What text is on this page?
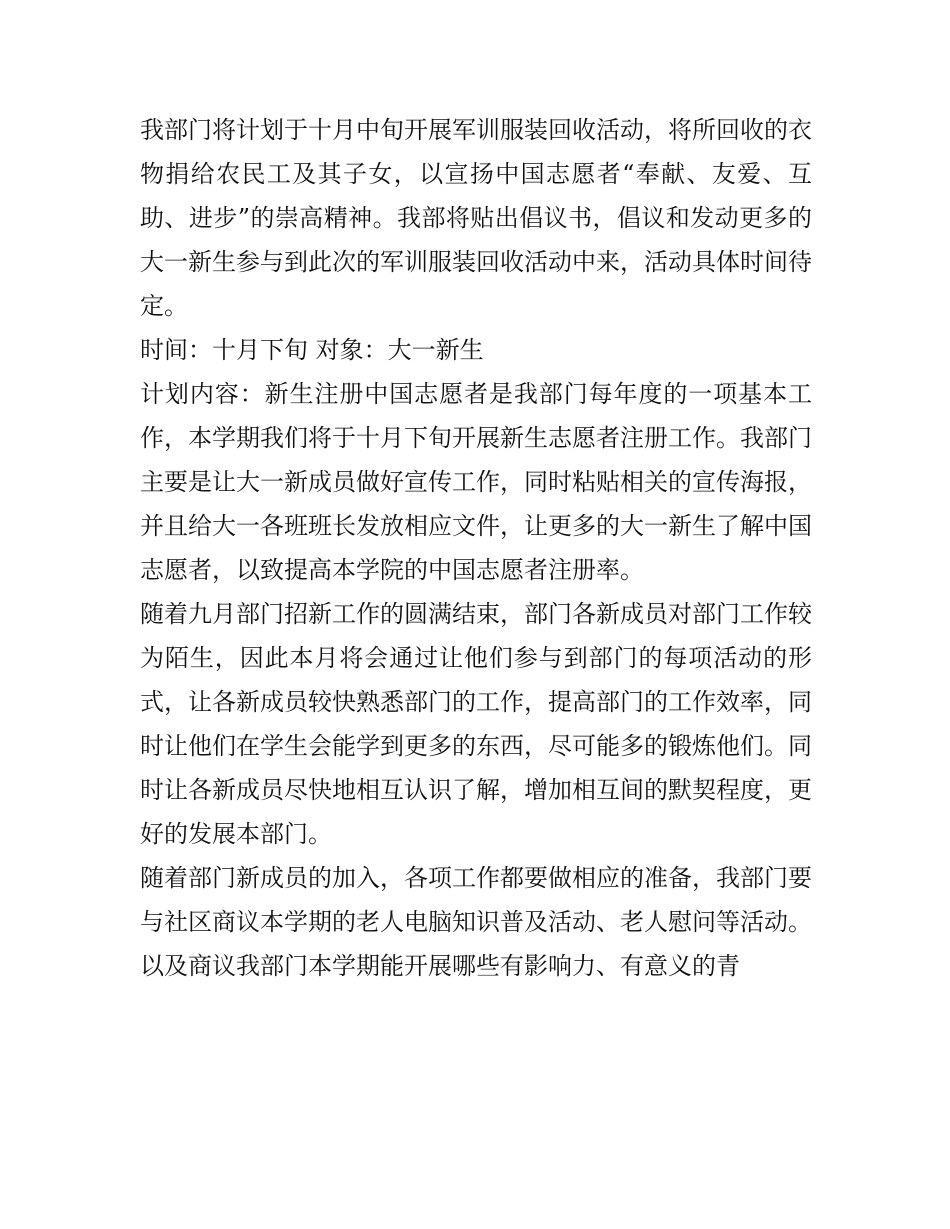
我部门将计划于十月中旬开展军训服装回收活动，将所回收的衣物捐给农民工及其子女，以宣扬中国志愿者“奉献、友爱、互助、进步”的崇高精神。我部将贴出倡议书，倡议和发动更多的大一新生参与到此次的军训服装回收活动中来，活动具体时间待定。

时间：十月下旬 对象：大一新生

计划内容：新生注册中国志愿者是我部门每年度的一项基本工作，本学期我们将于十月下旬开展新生志愿者注册工作。我部门主要是让大一新成员做好宣传工作，同时粘贴相关的宣传海报，并且给大一各班班长发放相应文件，让更多的大一新生了解中国志愿者，以致提高本学院的中国志愿者注册率。

随着九月部门招新工作的圆满结束，部门各新成员对部门工作较为陌生，因此本月将会通过让他们参与到部门的每项活动的形式，让各新成员较快熟悉部门的工作，提高部门的工作效率，同时让他们在学生会能学到更多的东西，尽可能多的锻炼他们。同时让各新成员尽快地相互认识了解，增加相互间的默契程度，更好的发展本部门。

随着部门新成员的加入，各项工作都要做相应的准备，我部门要与社区商议本学期的老人电脑知识普及活动、老人慰问等活动。以及商议我部门本学期能开展哪些有影响力、有意义的青
